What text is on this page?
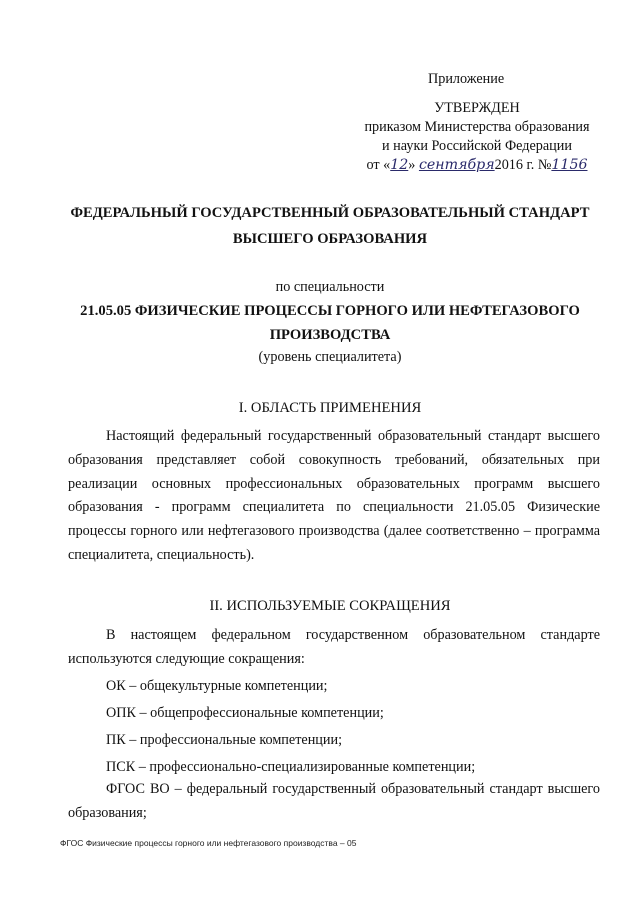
Приложение
УТВЕРЖДЕН
приказом Министерства образования
и науки Российской Федерации
от «12» сентября2016 г. №1156
ФЕДЕРАЛЬНЫЙ ГОСУДАРСТВЕННЫЙ ОБРАЗОВАТЕЛЬНЫЙ СТАНДАРТ
ВЫСШЕГО ОБРАЗОВАНИЯ
по специальности
21.05.05 ФИЗИЧЕСКИЕ ПРОЦЕССЫ ГОРНОГО ИЛИ НЕФТЕГАЗОВОГО
ПРОИЗВОДСТВА
(уровень специалитета)
I. ОБЛАСТЬ ПРИМЕНЕНИЯ
Настоящий федеральный государственный образовательный стандарт высшего образования представляет собой совокупность требований, обязательных при реализации основных профессиональных образовательных программ высшего образования - программ специалитета по специальности 21.05.05 Физические процессы горного или нефтегазового производства (далее соответственно – программа специалитета, специальность).
II. ИСПОЛЬЗУЕМЫЕ СОКРАЩЕНИЯ
В настоящем федеральном государственном образовательном стандарте используются следующие сокращения:
ОК – общекультурные компетенции;
ОПК – общепрофессиональные компетенции;
ПК – профессиональные компетенции;
ПСК – профессионально-специализированные компетенции;
ФГОС ВО – федеральный государственный образовательный стандарт высшего образования;
ФГОС Физические процессы горного или нефтегазового производства – 05
